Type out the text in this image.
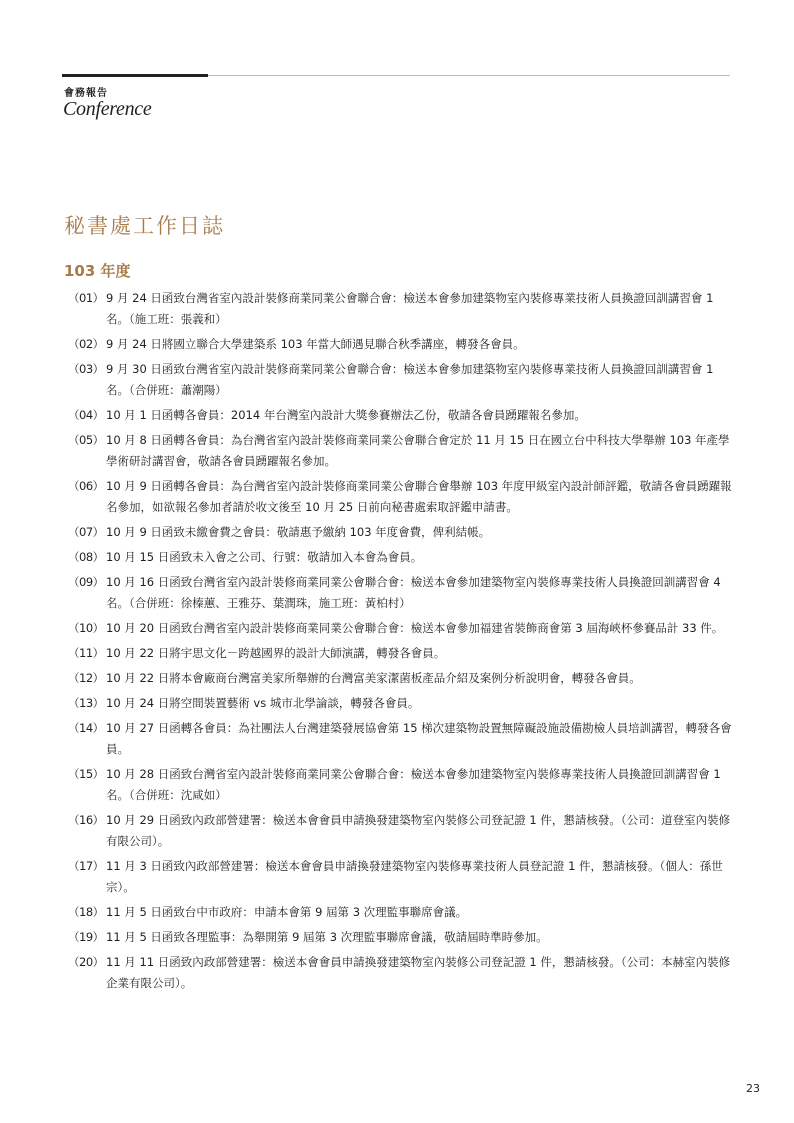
會務報告
Conference
秘書處工作日誌
103 年度
（01） 9 月 24 日函致台灣省室內設計裝修商業同業公會聯合會：檢送本會參加建築物室內裝修專業技術人員換證回訓講習會 1 名。（施工班：張義和）
（02） 9 月 24 日將國立聯合大學建築系 103 年當大師遇見聯合秋季講座，轉發各會員。
（03） 9 月 30 日函致台灣省室內設計裝修商業同業公會聯合會：檢送本會參加建築物室內裝修專業技術人員換證回訓講習會 1 名。（合併班：蕭潮陽）
（04） 10 月 1 日函轉各會員：2014 年台灣室內設計大獎參賽辦法乙份，敬請各會員踴躍報名參加。
（05） 10 月 8 日函轉各會員：為台灣省室內設計裝修商業同業公會聯合會定於 11 月 15 日在國立台中科技大學舉辦 103 年產學學術研討講習會，敬請各會員踴躍報名參加。
（06） 10 月 9 日函轉各會員：為台灣省室內設計裝修商業同業公會聯合會舉辦 103 年度甲級室內設計師評鑑，敬請各會員踴躍報名參加，如欲報名參加者請於收文後至 10 月 25 日前向秘書處索取評鑑申請書。
（07） 10 月 9 日函致未繳會費之會員：敬請惠予繳納 103 年度會費，俾利結帳。
（08） 10 月 15 日函致未入會之公司、行號：敬請加入本會為會員。
（09） 10 月 16 日函致台灣省室內設計裝修商業同業公會聯合會：檢送本會參加建築物室內裝修專業技術人員換證回訓講習會 4 名。（合併班：徐榛蕙、王雅芬、葉潤珠，施工班：黃柏村）
（10） 10 月 20 日函致台灣省室內設計裝修商業同業公會聯合會：檢送本會參加福建省裝飾商會第 3 屆海峽杯參賽品計 33 件。
（11） 10 月 22 日將宇思文化－跨越國界的設計大師演講，轉發各會員。
（12） 10 月 22 日將本會廠商台灣富美家所舉辦的台灣富美家潔菌板產品介紹及案例分析說明會，轉發各會員。
（13） 10 月 24 日將空間裝置藝術 vs 城市北學論談，轉發各會員。
（14） 10 月 27 日函轉各會員：為社團法人台灣建築發展協會第 15 梯次建築物設置無障礙設施設備勘檢人員培訓講習，轉發各會員。
（15） 10 月 28 日函致台灣省室內設計裝修商業同業公會聯合會：檢送本會參加建築物室內裝修專業技術人員換證回訓講習會 1 名。（合併班：沈咸如）
（16） 10 月 29 日函致內政部營建署：檢送本會會員申請換發建築物室內裝修公司登記證 1 件，懇請核發。（公司：道登室內裝修有限公司）。
（17） 11 月 3 日函致內政部營建署：檢送本會會員申請換發建築物室內裝修專業技術人員登記證 1 件，懇請核發。（個人：孫世宗）。
（18） 11 月 5 日函致台中市政府：申請本會第 9 屆第 3 次理監事聯席會議。
（19） 11 月 5 日函致各理監事：為舉開第 9 屆第 3 次理監事聯席會議，敬請屆時準時參加。
（20） 11 月 11 日函致內政部營建署：檢送本會會員申請換發建築物室內裝修公司登記證 1 件，懇請核發。（公司：本赫室內裝修企業有限公司）。
23
